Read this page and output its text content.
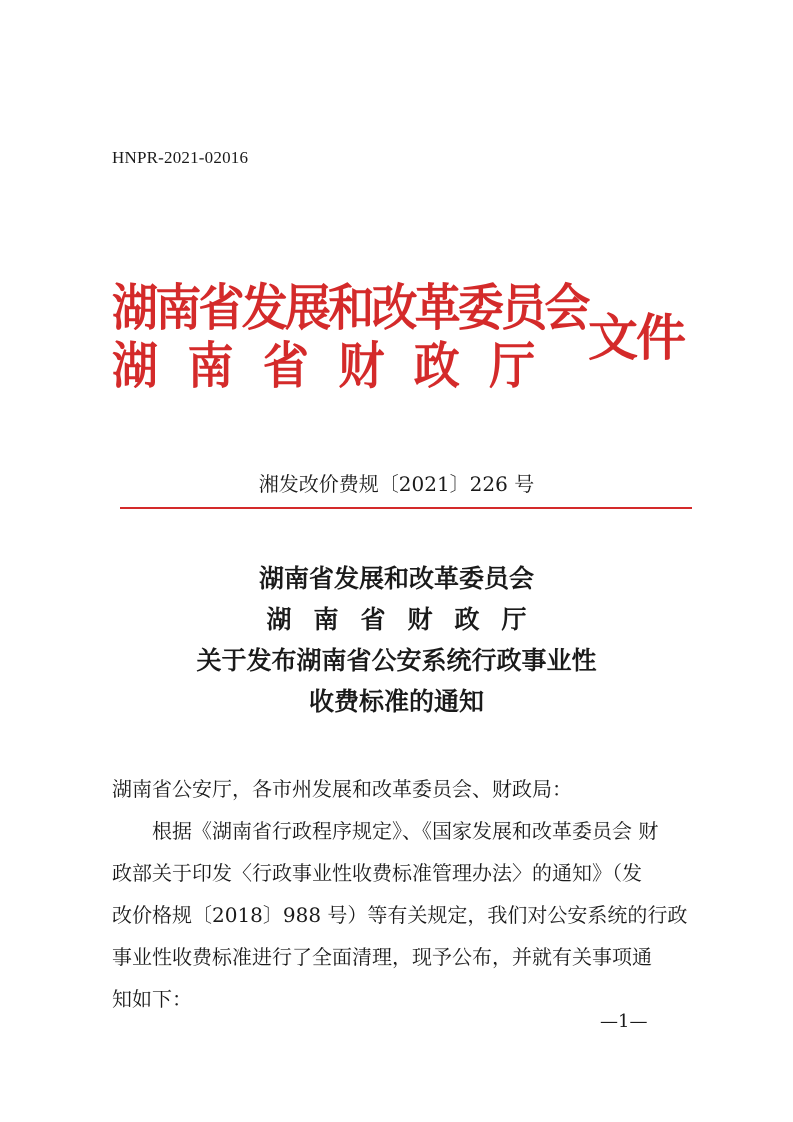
HNPR-2021-02016
湖南省发展和改革委员会
湖南省财政厅 文件
湘发改价费规〔2021〕226 号
湖南省发展和改革委员会
湖南省财政厅
关于发布湖南省公安系统行政事业性
收费标准的通知
湖南省公安厅，各市州发展和改革委员会、财政局：
根据《湖南省行政程序规定》、《国家发展和改革委员会 财
政部关于印发〈行政事业性收费标准管理办法〉的通知》（发
改价格规〔2018〕988 号）等有关规定，我们对公安系统的行政
事业性收费标准进行了全面清理，现予公布，并就有关事项通
知如下：
—1—
